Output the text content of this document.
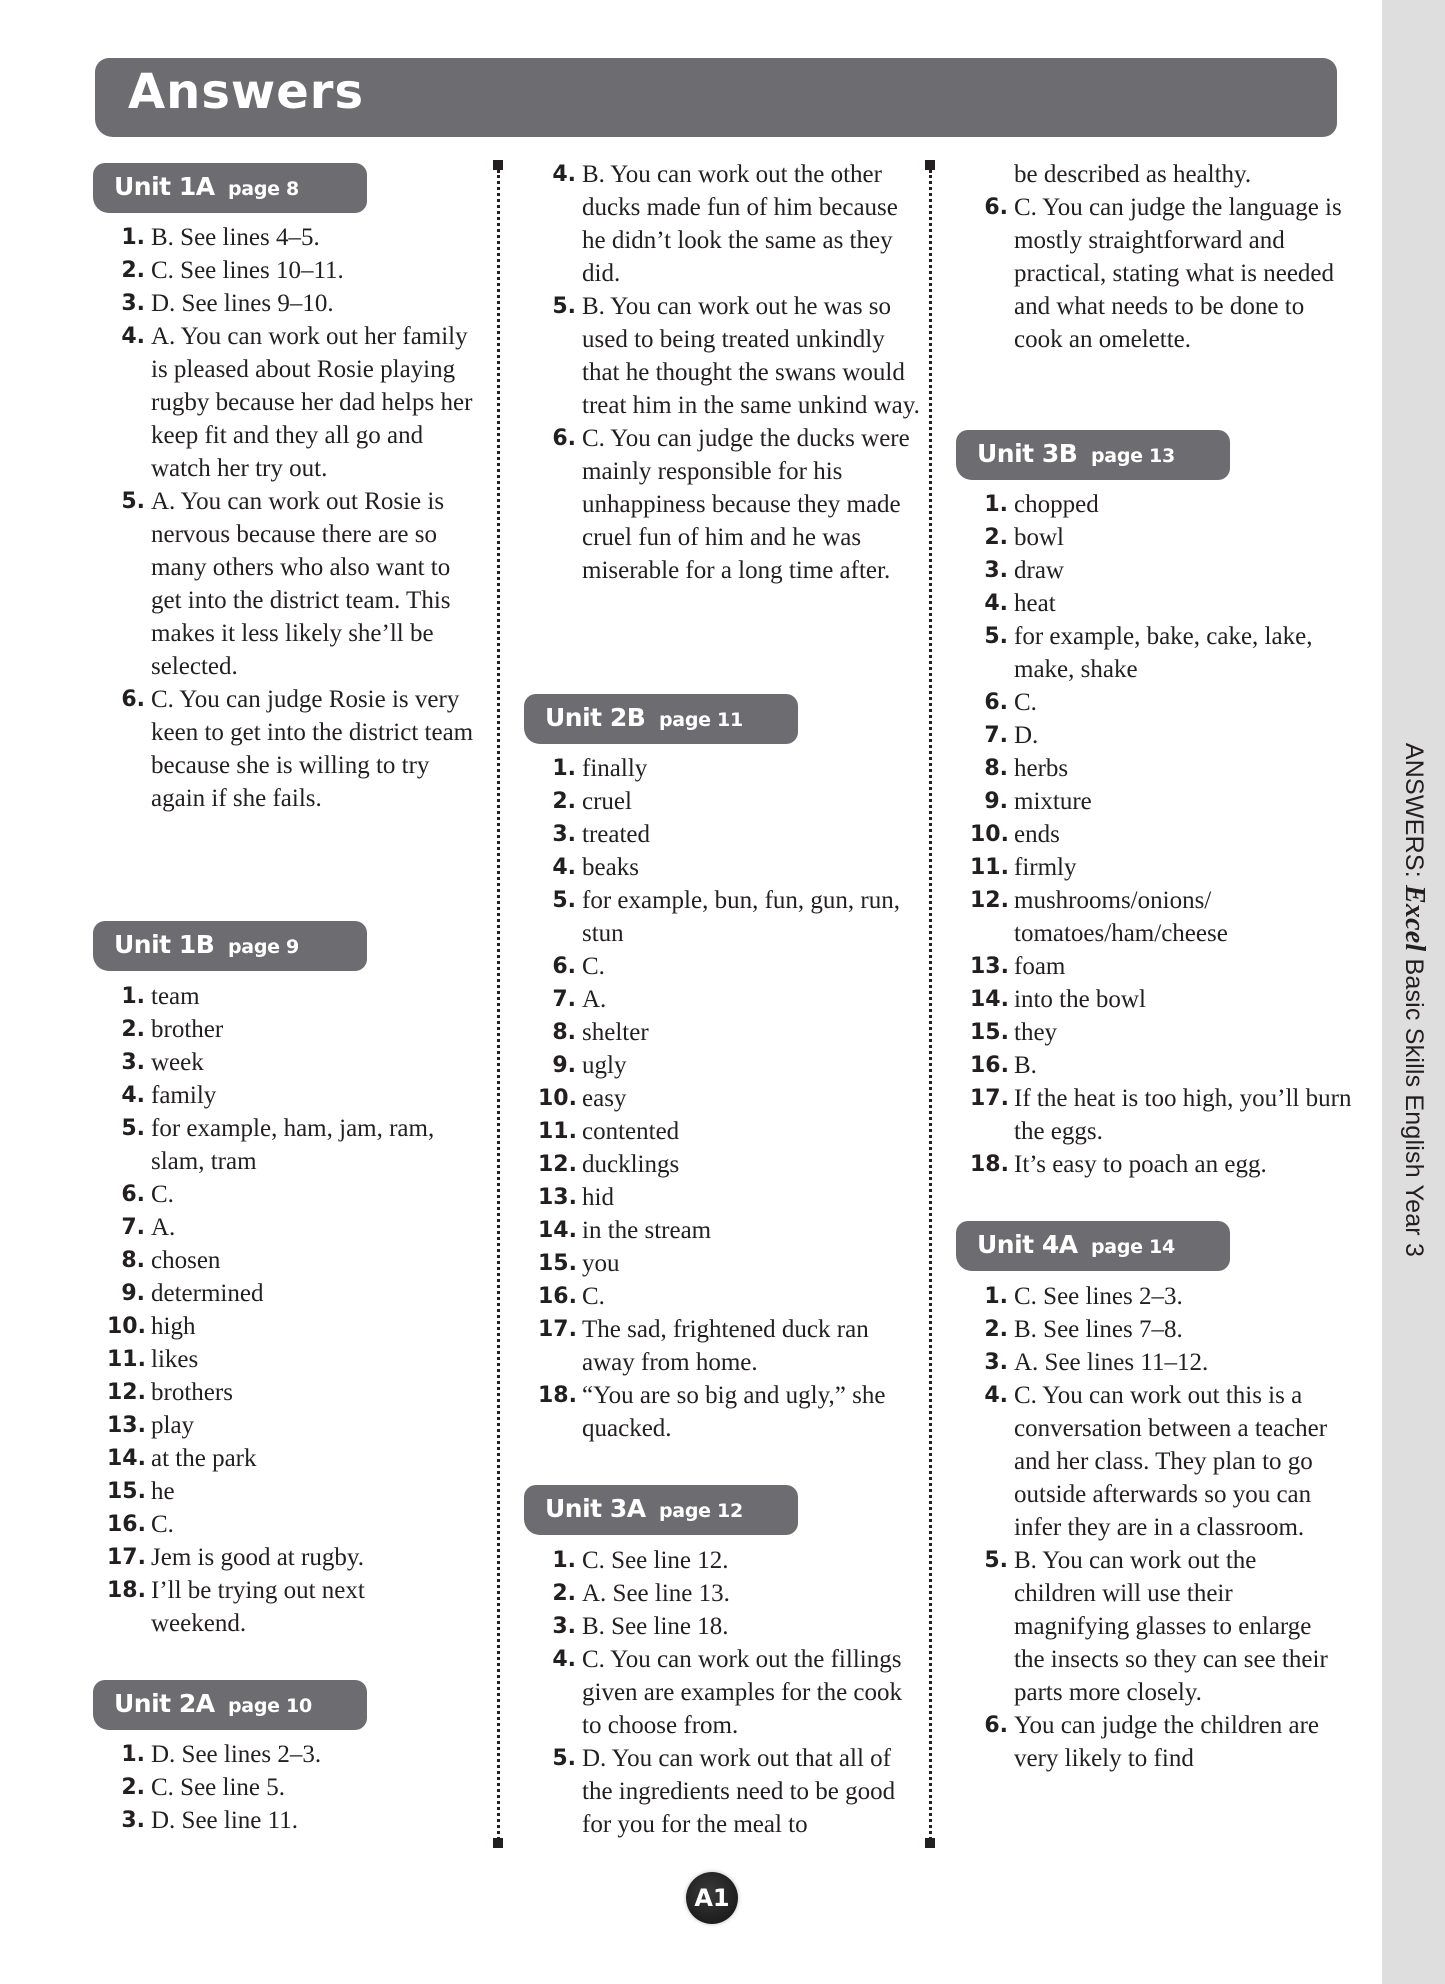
ANSWERS: Excel Basic Skills English Year 3
Answers
Unit 1A page 8
1. B. See lines 4–5.
2. C. See lines 10–11.
3. D. See lines 9–10.
4. A. You can work out her family is pleased about Rosie playing rugby because her dad helps her keep fit and they all go and watch her try out.
5. A. You can work out Rosie is nervous because there are so many others who also want to get into the district team. This makes it less likely she’ll be selected.
6. C. You can judge Rosie is very keen to get into the district team because she is willing to try again if she fails.
Unit 1B page 9
1. team
2. brother
3. week
4. family
5. for example, ham, jam, ram, slam, tram
6. C.
7. A.
8. chosen
9. determined
10. high
11. likes
12. brothers
13. play
14. at the park
15. he
16. C.
17. Jem is good at rugby.
18. I’ll be trying out next weekend.
Unit 2A page 10
1. D. See lines 2–3.
2. C. See line 5.
3. D. See line 11.
4. B. You can work out the other ducks made fun of him because he didn’t look the same as they did.
5. B. You can work out he was so used to being treated unkindly that he thought the swans would treat him in the same unkind way.
6. C. You can judge the ducks were mainly responsible for his unhappiness because they made cruel fun of him and he was miserable for a long time after.
Unit 2B page 11
1. finally
2. cruel
3. treated
4. beaks
5. for example, bun, fun, gun, run, stun
6. C.
7. A.
8. shelter
9. ugly
10. easy
11. contented
12. ducklings
13. hid
14. in the stream
15. you
16. C.
17. The sad, frightened duck ran away from home.
18. “You are so big and ugly,” she quacked.
Unit 3A page 12
1. C. See line 12.
2. A. See line 13.
3. B. See line 18.
4. C. You can work out the fillings given are examples for the cook to choose from.
5. D. You can work out that all of the ingredients need to be good for you for the meal to
be described as healthy.
6. C. You can judge the language is mostly straightforward and practical, stating what is needed and what needs to be done to cook an omelette.
Unit 3B page 13
1. chopped
2. bowl
3. draw
4. heat
5. for example, bake, cake, lake, make, shake
6. C.
7. D.
8. herbs
9. mixture
10. ends
11. firmly
12. mushrooms/onions/ tomatoes/ham/cheese
13. foam
14. into the bowl
15. they
16. B.
17. If the heat is too high, you’ll burn the eggs.
18. It’s easy to poach an egg.
Unit 4A page 14
1. C. See lines 2–3.
2. B. See lines 7–8.
3. A. See lines 11–12.
4. C. You can work out this is a conversation between a teacher and her class. They plan to go outside afterwards so you can infer they are in a classroom.
5. B. You can work out the children will use their magnifying glasses to enlarge the insects so they can see their parts more closely.
6. You can judge the children are very likely to find
A1
